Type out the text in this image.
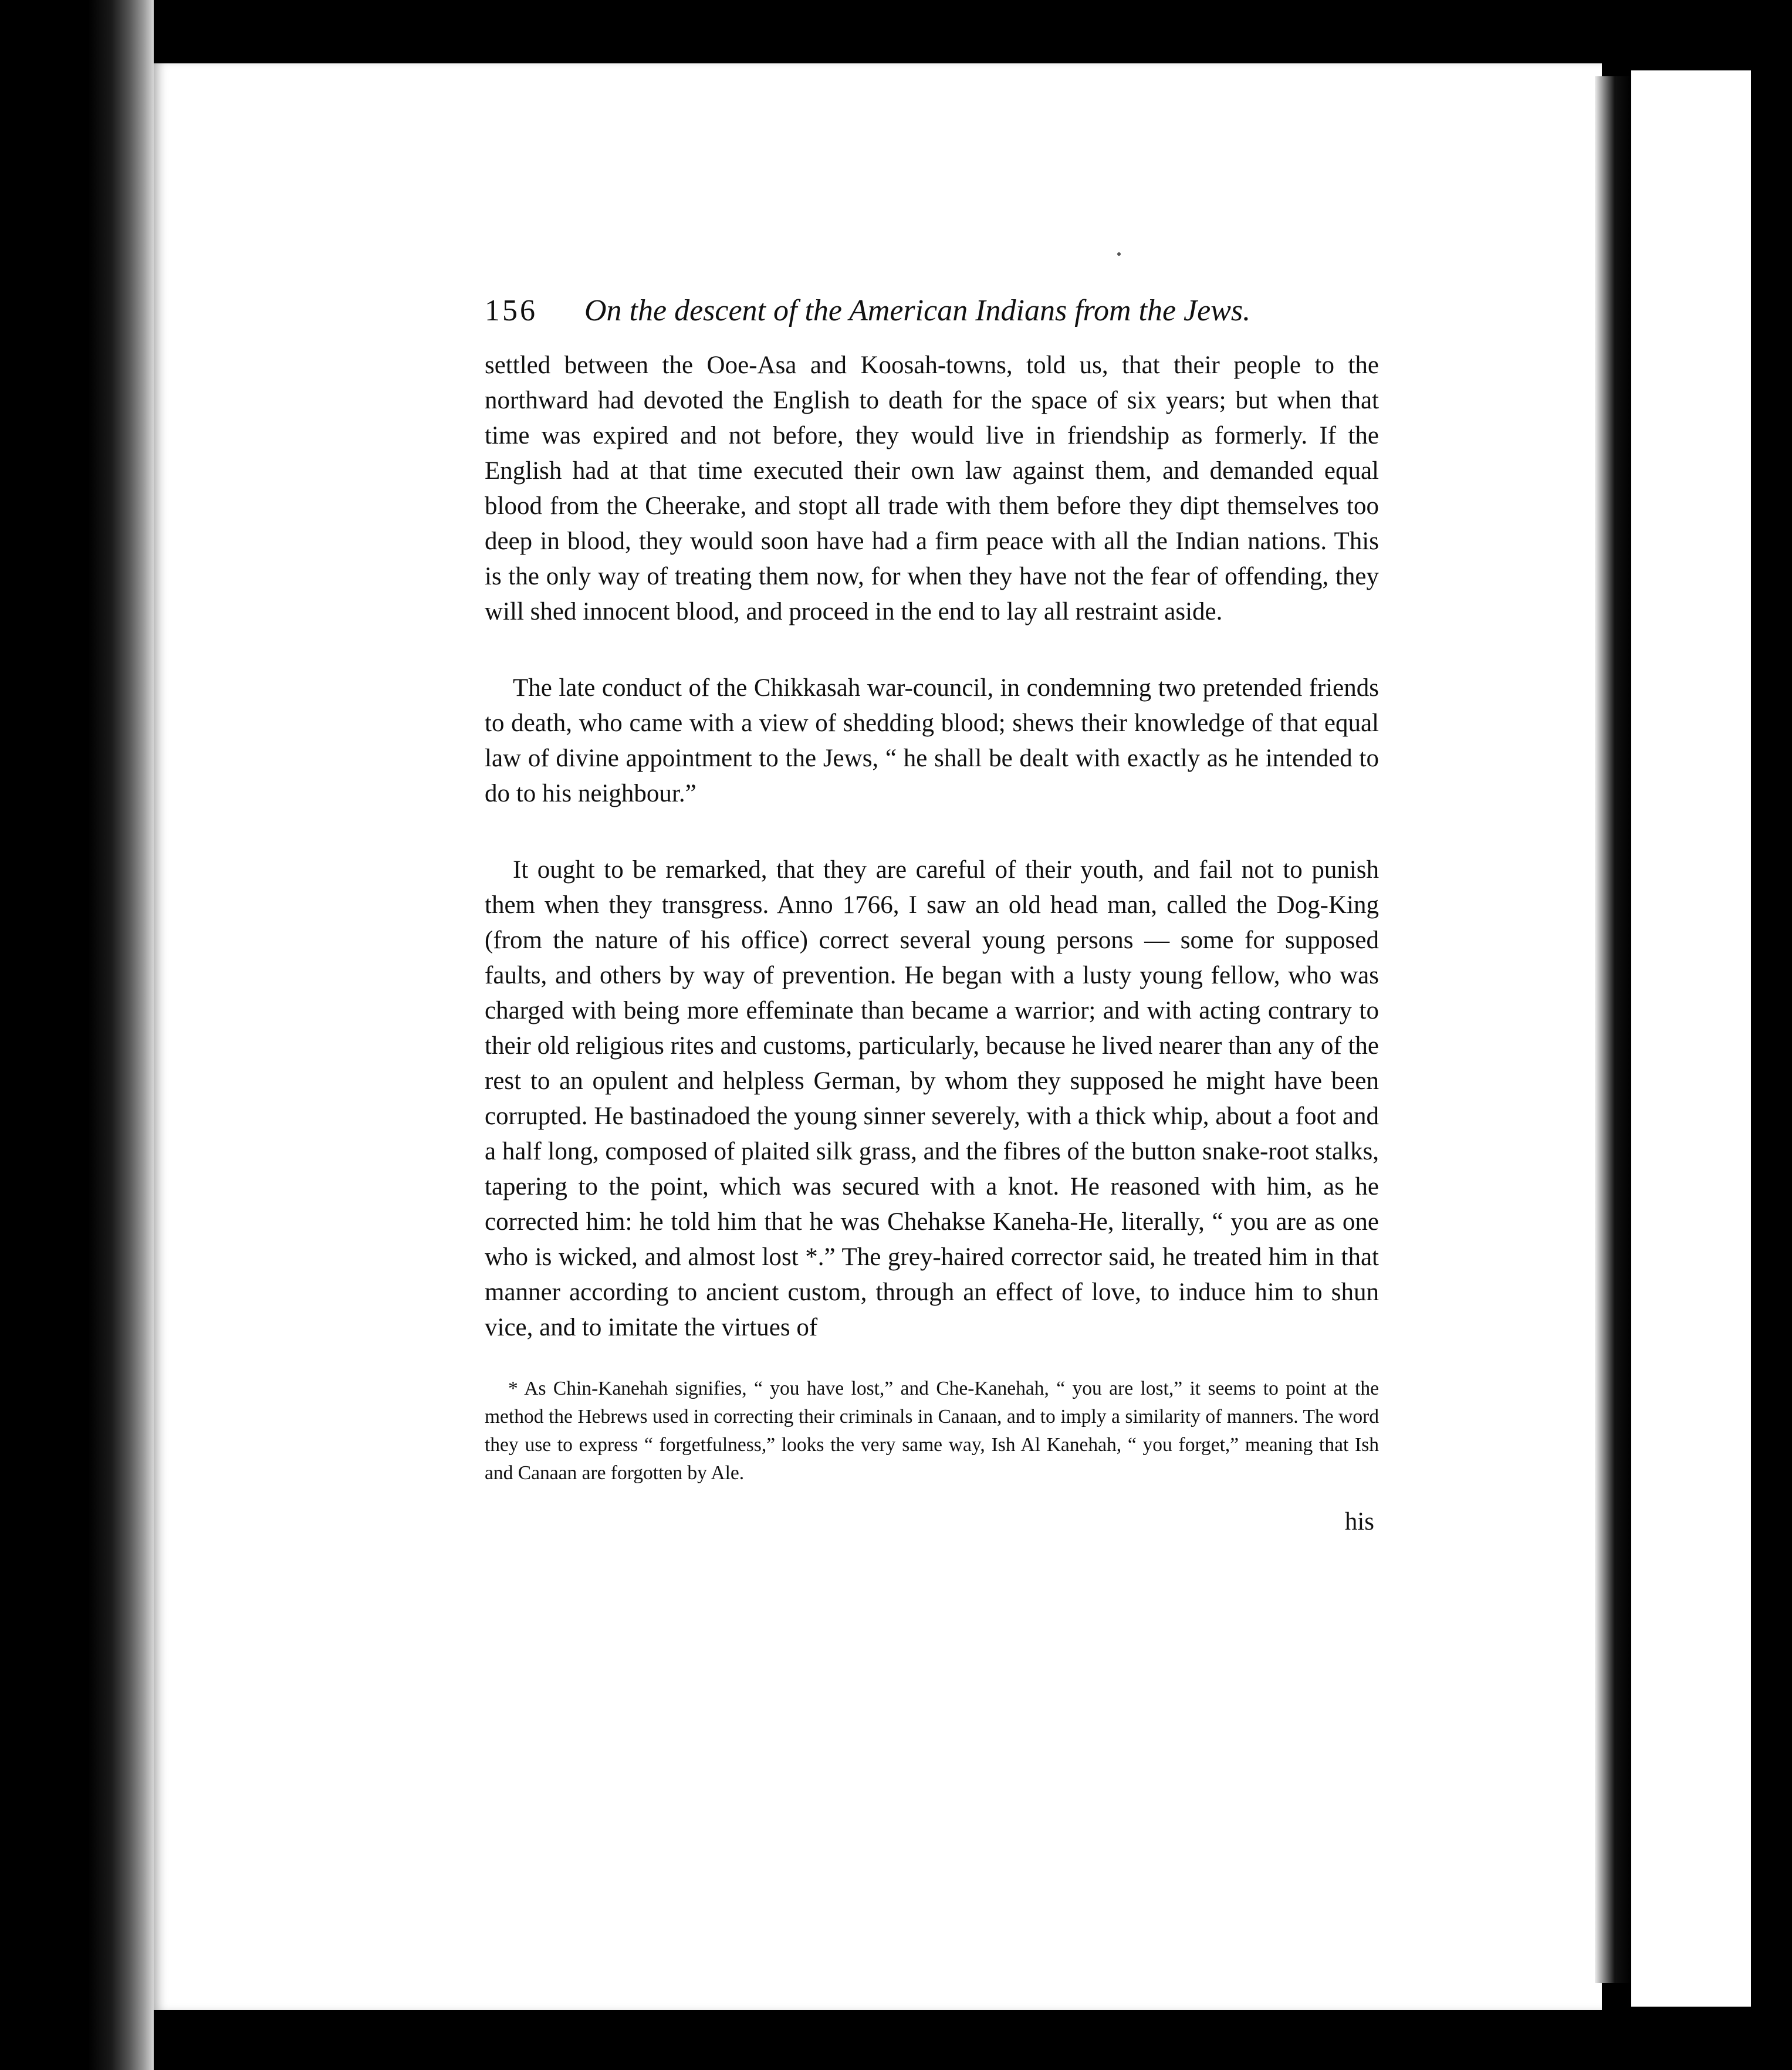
156 On the descent of the American Indians from the Jews.

settled between the Ooe-Asa and Koosah-towns, told us, that their people to the northward had devoted the English to death for the space of six years; but when that time was expired and not before, they would live in friendship as formerly. If the English had at that time executed their own law against them, and demanded equal blood from the Cheerake, and stopt all trade with them before they dipt themselves too deep in blood, they would soon have had a firm peace with all the Indian nations. This is the only way of treating them now, for when they have not the fear of offending, they will shed innocent blood, and proceed in the end to lay all restraint aside.

The late conduct of the Chikkasah war-council, in condemning two pretended friends to death, who came with a view of shedding blood; shews their knowledge of that equal law of divine appointment to the Jews, “ he shall be dealt with exactly as he intended to do to his neighbour.”

It ought to be remarked, that they are careful of their youth, and fail not to punish them when they transgress. Anno 1766, I saw an old head man, called the Dog-King (from the nature of his office) correct several young persons — some for supposed faults, and others by way of prevention. He began with a lusty young fellow, who was charged with being more effeminate than became a warrior; and with acting contrary to their old religious rites and customs, particularly, because he lived nearer than any of the rest to an opulent and helpless German, by whom they supposed he might have been corrupted. He bastinadoed the young sinner severely, with a thick whip, about a foot and a half long, composed of plaited silk grass, and the fibres of the button snake-root stalks, tapering to the point, which was secured with a knot. He reasoned with him, as he corrected him: he told him that he was Chehakse Kaneha-He, literally, “ you are as one who is wicked, and almost lost *.” The grey-haired corrector said, he treated him in that manner according to ancient custom, through an effect of love, to induce him to shun vice, and to imitate the virtues of

* As Chin-Kanehah signifies, “ you have lost,” and Che-Kanehah, “ you are lost,” it seems to point at the method the Hebrews used in correcting their criminals in Canaan, and to imply a similarity of manners. The word they use to express “ forgetfulness,” looks the very same way, Ish Al Kanehah, “ you forget,” meaning that Ish and Canaan are forgotten by Ale.

his
